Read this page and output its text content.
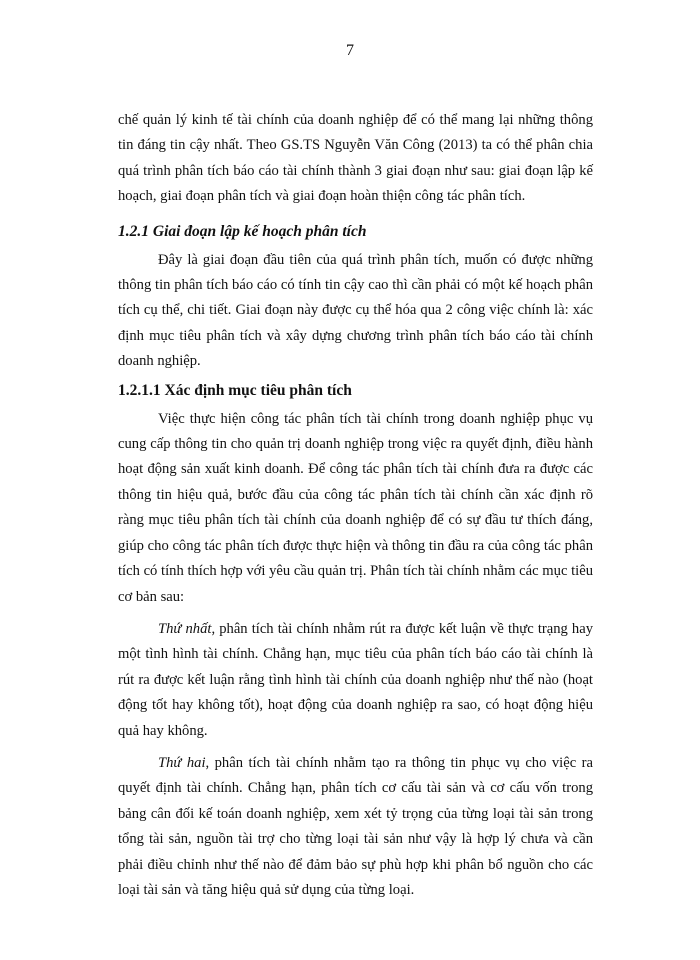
7

chế quản lý kinh tế tài chính của doanh nghiệp để có thể mang lại những thông tin đáng tin cậy nhất. Theo GS.TS Nguyễn Văn Công (2013) ta có thể phân chia quá trình phân tích báo cáo tài chính thành 3 giai đoạn như sau: giai đoạn lập kế hoạch, giai đoạn phân tích và giai đoạn hoàn thiện công tác phân tích.

1.2.1 Giai đoạn lập kế hoạch phân tích

Đây là giai đoạn đầu tiên của quá trình phân tích, muốn có được những thông tin phân tích báo cáo có tính tin cậy cao thì cần phải có một kế hoạch phân tích cụ thể, chi tiết. Giai đoạn này được cụ thể hóa qua 2 công việc chính là: xác định mục tiêu phân tích và xây dựng chương trình phân tích báo cáo tài chính doanh nghiệp.

1.2.1.1 Xác định mục tiêu phân tích

Việc thực hiện công tác phân tích tài chính trong doanh nghiệp phục vụ cung cấp thông tin cho quản trị doanh nghiệp trong việc ra quyết định, điều hành hoạt động sản xuất kinh doanh. Để công tác phân tích tài chính đưa ra được các thông tin hiệu quả, bước đầu của công tác phân tích tài chính cần xác định rõ ràng mục tiêu phân tích tài chính của doanh nghiệp để có sự đầu tư thích đáng, giúp cho công tác phân tích được thực hiện và thông tin đầu ra của công tác phân tích có tính thích hợp với yêu cầu quản trị. Phân tích tài chính nhằm các mục tiêu cơ bản sau:

Thứ nhất, phân tích tài chính nhằm rút ra được kết luận về thực trạng hay một tình hình tài chính. Chẳng hạn, mục tiêu của phân tích báo cáo tài chính là rút ra được kết luận rằng tình hình tài chính của doanh nghiệp như thế nào (hoạt động tốt hay không tốt), hoạt động của doanh nghiệp ra sao, có hoạt động hiệu quả hay không.

Thứ hai, phân tích tài chính nhằm tạo ra thông tin phục vụ cho việc ra quyết định tài chính. Chẳng hạn, phân tích cơ cấu tài sản và cơ cấu vốn trong bảng cân đối kế toán doanh nghiệp, xem xét tỷ trọng của từng loại tài sản trong tổng tài sản, nguồn tài trợ cho từng loại tài sản như vậy là hợp lý chưa và cần phải điều chỉnh như thế nào để đảm bảo sự phù hợp khi phân bổ nguồn cho các loại tài sản và tăng hiệu quả sử dụng của từng loại.
